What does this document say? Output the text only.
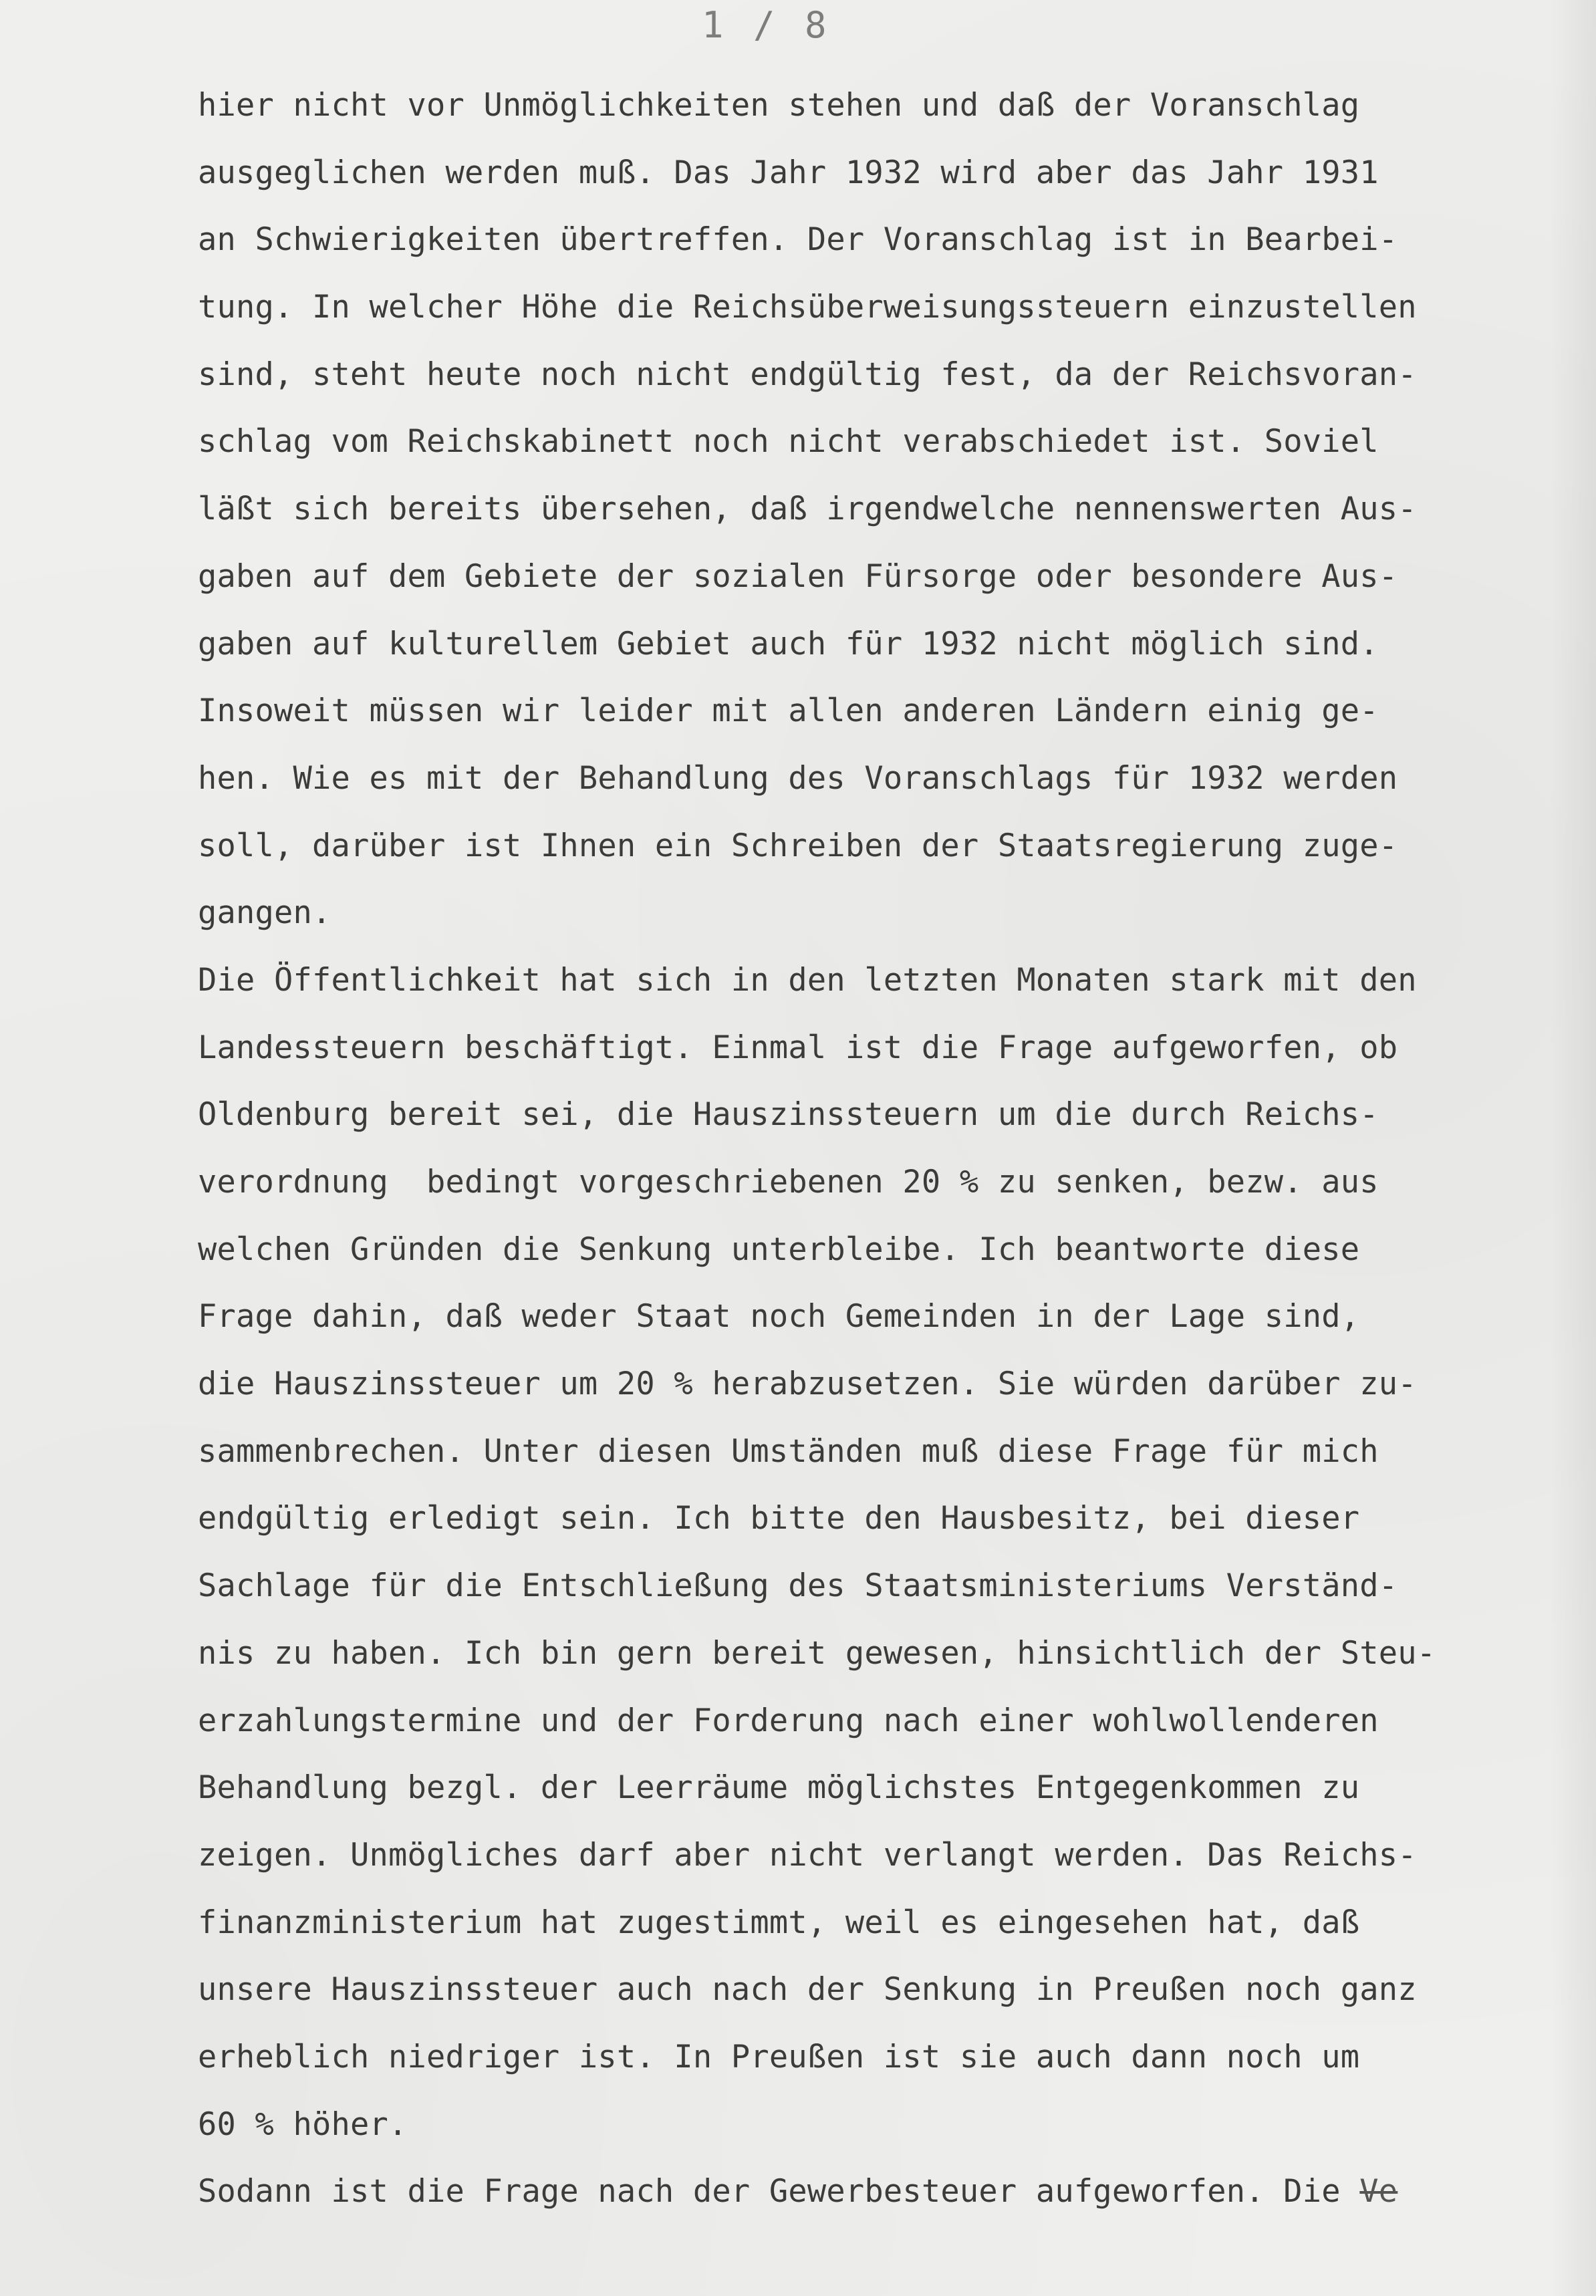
1 / 8
hier nicht vor Unmöglichkeiten stehen und daß der Voranschlag
ausgeglichen werden muß. Das Jahr 1932 wird aber das Jahr 1931
an Schwierigkeiten übertreffen. Der Voranschlag ist in Bearbei-
tung. In welcher Höhe die Reichsüberweisungssteuern einzustellen
sind, steht heute noch nicht endgültig fest, da der Reichsvoran-
schlag vom Reichskabinett noch nicht verabschiedet ist. Soviel
läßt sich bereits übersehen, daß irgendwelche nennenswerten Aus-
gaben auf dem Gebiete der sozialen Fürsorge oder besondere Aus-
gaben auf kulturellem Gebiet auch für 1932 nicht möglich sind.
Insoweit müssen wir leider mit allen anderen Ländern einig ge-
hen. Wie es mit der Behandlung des Voranschlags für 1932 werden
soll, darüber ist Ihnen ein Schreiben der Staatsregierung zuge-
gangen.
Die Öffentlichkeit hat sich in den letzten Monaten stark mit den
Landessteuern beschäftigt. Einmal ist die Frage aufgeworfen, ob
Oldenburg bereit sei, die Hauszinssteuern um die durch Reichs-
verordnung  bedingt vorgeschriebenen 20 % zu senken, bezw. aus
welchen Gründen die Senkung unterbleibe. Ich beantworte diese
Frage dahin, daß weder Staat noch Gemeinden in der Lage sind,
die Hauszinssteuer um 20 % herabzusetzen. Sie würden darüber zu-
sammenbrechen. Unter diesen Umständen muß diese Frage für mich
endgültig erledigt sein. Ich bitte den Hausbesitz, bei dieser
Sachlage für die Entschließung des Staatsministeriums Verständ-
nis zu haben. Ich bin gern bereit gewesen, hinsichtlich der Steu-
erzahlungstermine und der Forderung nach einer wohlwollenderen
Behandlung bezgl. der Leerräume möglichstes Entgegenkommen zu
zeigen. Unmögliches darf aber nicht verlangt werden. Das Reichs-
finanzministerium hat zugestimmt, weil es eingesehen hat, daß
unsere Hauszinssteuer auch nach der Senkung in Preußen noch ganz
erheblich niedriger ist. In Preußen ist sie auch dann noch um
60 % höher.
Sodann ist die Frage nach der Gewerbesteuer aufgeworfen. Die Ve
